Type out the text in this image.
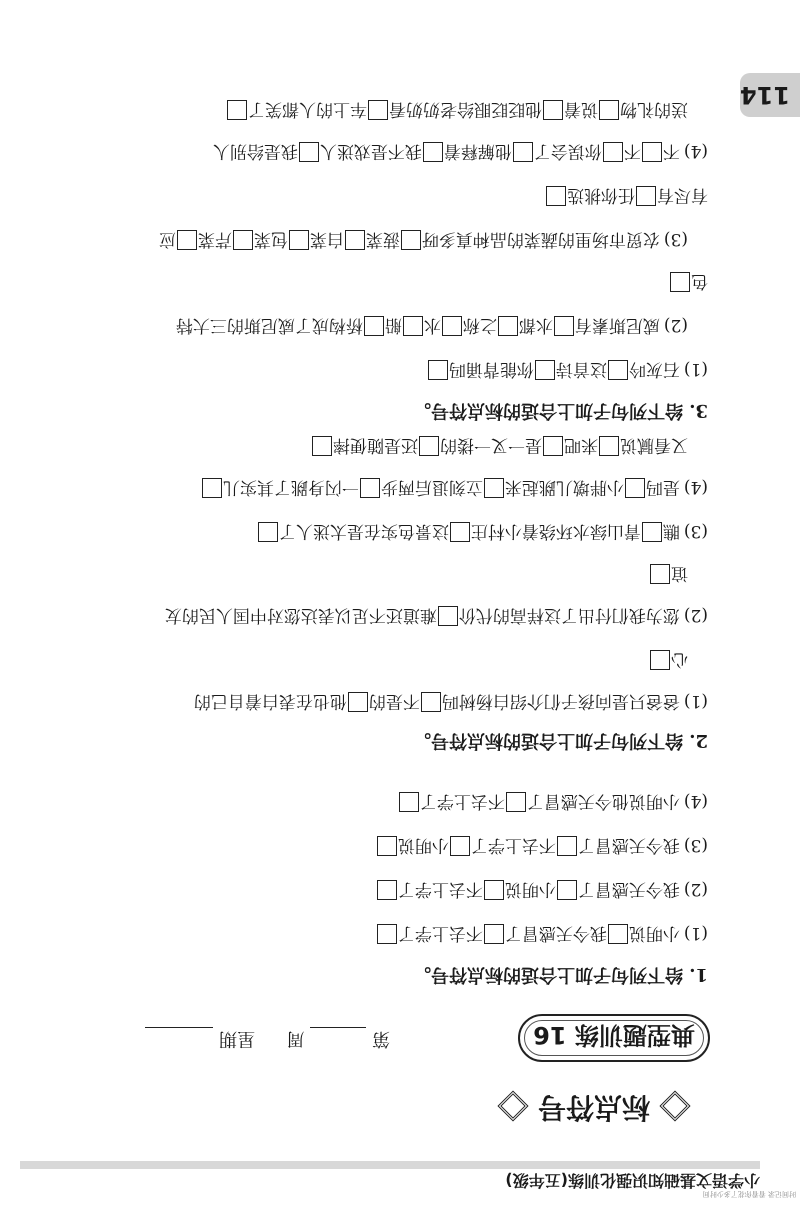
时间记录 看看你花了多少时间
小学语文基础知识强化训练(五年级)
标点符号
典型题训练 16
第  周  星期
114
1. 给下列句子加上合适的标点符号。
2. 给下列句子加上合适的标点符号。
3. 给下列句子加上合适的标点符号。
(1)小明说我今天感冒了不去上学了
(2)我今天感冒了小明说不去上学了
(3)我今天感冒了不去上学了小明说
(4)小明说他今天感冒了不去上学了
(1)爸爸只是向孩子们介绍白杨树吗不是的他也在表白着自己的
心
(2)您为我们付出了这样高的代价难道还不足以表达您对中国人民的友
谊
(3)瞧青山绿水环绕着小村庄这景色实在是太迷人了
(4)是吗小胖墩儿跳起来立刻退后两步一闪身跳了其实儿
又看腻说来吧是一叉一搂的还是随便摔
(1)石灰吟这首诗你能背诵吗
(2)威尼斯素有水都之称水船桥构成了威尼斯的三大特
色
(3)农贸市场里的蔬菜的品种真多呀菠菜白菜包菜芹菜应
有尽有任你挑选
(4)不不你误会了他解释着我不是戏迷人我是给别人
送的礼物说着他眨眨眼给老奶奶看车上的人都笑了
